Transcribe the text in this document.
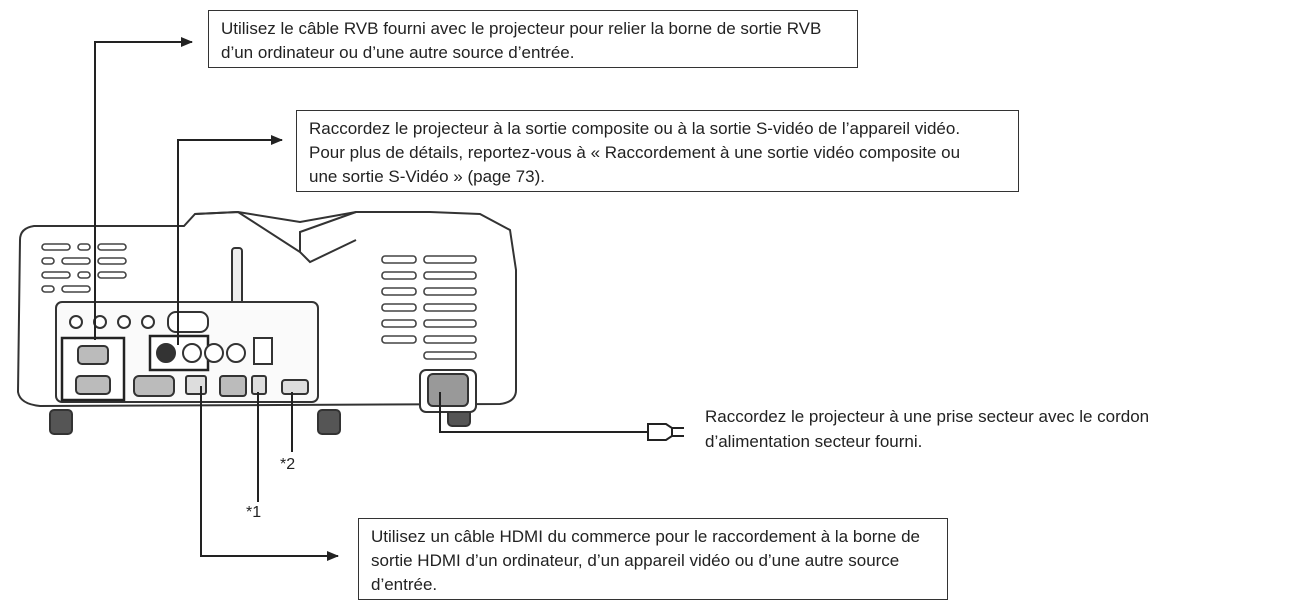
Utilisez le câble RVB fourni avec le projecteur pour relier la borne de sortie RVB
d’un ordinateur ou d’une autre source d’entrée.
Raccordez le projecteur à la sortie composite ou à la sortie S-vidéo de l’appareil vidéo.
Pour plus de détails, reportez-vous à « Raccordement à une sortie vidéo composite ou
une sortie S-Vidéo » (page 73).
Raccordez le projecteur à une prise secteur avec le cordon
d’alimentation secteur fourni.
Utilisez un câble HDMI du commerce pour le raccordement à la borne de
sortie HDMI d’un ordinateur, d’un appareil vidéo ou d’une autre source
d’entrée.
*1
*2
